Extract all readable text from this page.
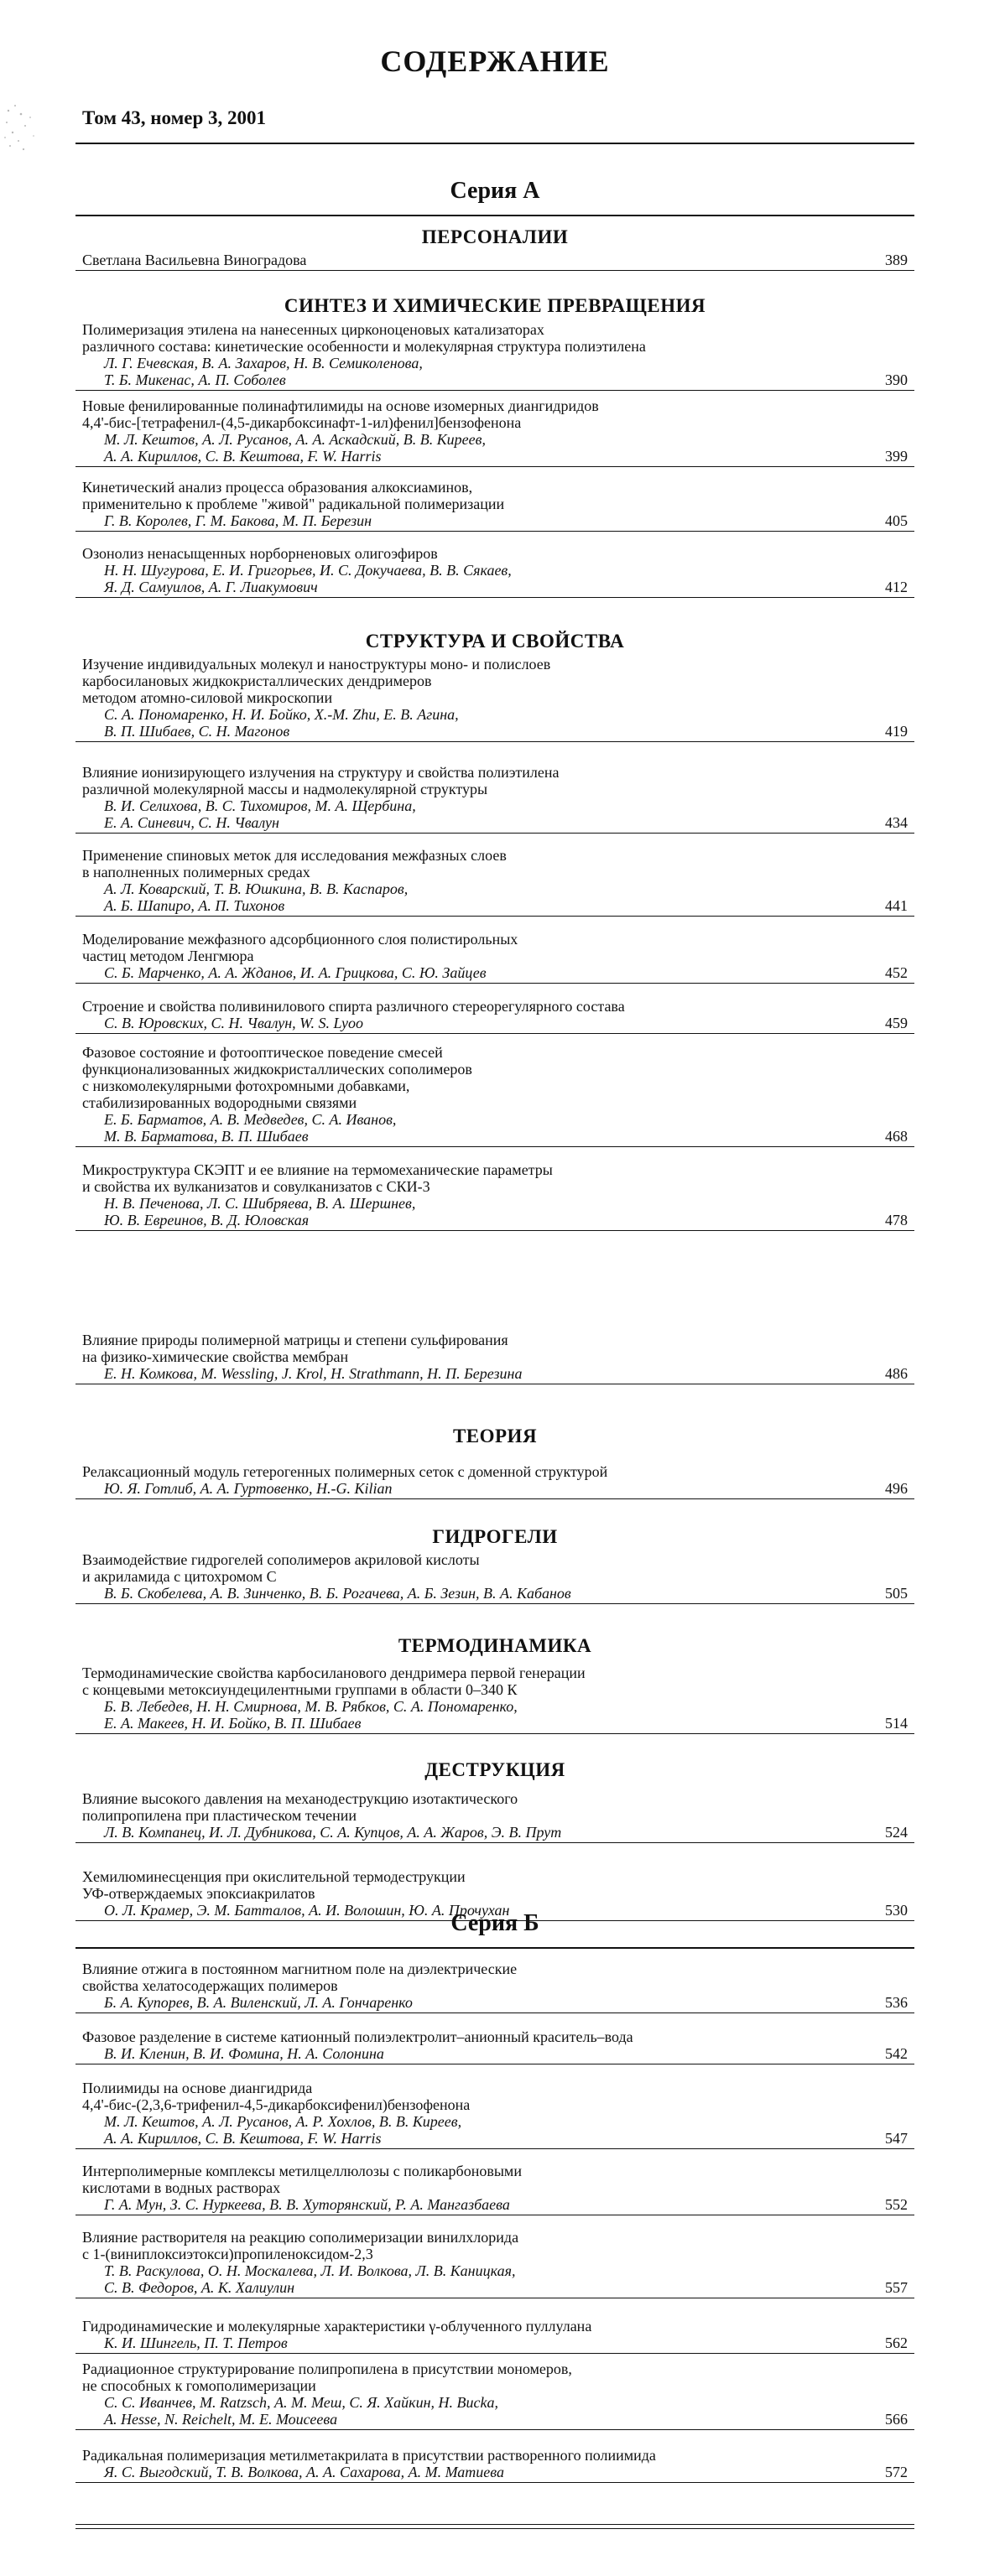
СОДЕРЖАНИЕ

Том 43, номер 3, 2001

Серия А
ПЕРСОНАЛИИ
Светлана Васильевна Виноградова	389
СИНТЕЗ И ХИМИЧЕСКИЕ ПРЕВРАЩЕНИЯ
Полимеризация этилена на нанесенных цирконоценовых катализаторах
различного состава: кинетические особенности и молекулярная структура полиэтилена
Л. Г. Ечевская, В. А. Захаров, Н. В. Семиколенова,
Т. Б. Микенас, А. П. Соболев	390
Новые фенилированные полинафтилимиды на основе изомерных диангидридов
4,4'-бис-[тетрафенил-(4,5-дикарбоксинафт-1-ил)фенил]бензофенона
М. Л. Кештов, А. Л. Русанов, А. А. Аскадский, В. В. Киреев,
А. А. Кириллов, С. В. Кештова, F. W. Harris	399
Кинетический анализ процесса образования алкоксиаминов,
применительно к проблеме "живой" радикальной полимеризации
Г. В. Королев, Г. М. Бакова, М. П. Березин	405
Озонолиз ненасыщенных норборненовых олигоэфиров
Н. Н. Шугурова, Е. И. Григорьев, И. С. Докучаева, В. В. Сякаев,
Я. Д. Самуилов, А. Г. Лиакумович	412
СТРУКТУРА И СВОЙСТВА
Изучение индивидуальных молекул и наноструктуры моно- и полислоев
карбосилановых жидкокристаллических дендримеров
методом атомно-силовой микроскопии
С. А. Пономаренко, Н. И. Бойко, X.-M. Zhu, Е. В. Агина,
В. П. Шибаев, С. Н. Магонов	419
Влияние ионизирующего излучения на структуру и свойства полиэтилена
различной молекулярной массы и надмолекулярной структуры
В. И. Селихова, В. С. Тихомиров, М. А. Щербина,
Е. А. Синевич, С. Н. Чвалун	434
Применение спиновых меток для исследования межфазных слоев
в наполненных полимерных средах
А. Л. Коварский, Т. В. Юшкина, В. В. Каспаров,
А. Б. Шапиро, А. П. Тихонов	441
Моделирование межфазного адсорбционного слоя полистирольных
частиц методом Ленгмюра
С. Б. Марченко, А. А. Жданов, И. А. Грицкова, С. Ю. Зайцев	452
Строение и свойства поливинилового спирта различного стереорегулярного состава
С. В. Юровских, С. Н. Чвалун, W. S. Lyoo	459
Фазовое состояние и фотооптическое поведение смесей
функционализованных жидкокристаллических сополимеров
с низкомолекулярными фотохромными добавками,
стабилизированных водородными связями
Е. Б. Барматов, А. В. Медведев, С. А. Иванов,
М. В. Барматова, В. П. Шибаев	468
Микроструктура СКЭПТ и ее влияние на термомеханические параметры
и свойства их вулканизатов и совулканизатов с СКИ-3
Н. В. Печенова, Л. С. Шибряева, В. А. Шершнев,
Ю. В. Евреинов, В. Д. Юловская	478
Влияние природы полимерной матрицы и степени сульфирования
на физико-химические свойства мембран
Е. Н. Комкова, M. Wessling, J. Krol, H. Strathmann, Н. П. Березина	486
ТЕОРИЯ
Релаксационный модуль гетерогенных полимерных сеток с доменной структурой
Ю. Я. Готлиб, А. А. Гуртовенко, H.-G. Kilian	496
ГИДРОГЕЛИ
Взаимодействие гидрогелей сополимеров акриловой кислоты
и акриламида с цитохромом С
В. Б. Скобелева, А. В. Зинченко, В. Б. Рогачева, А. Б. Зезин, В. А. Кабанов	505
ТЕРМОДИНАМИКА
Термодинамические свойства карбосиланового дендримера первой генерации
с концевыми метоксиундецилентными группами в области 0–340 К
Б. В. Лебедев, Н. Н. Смирнова, М. В. Рябков, С. А. Пономаренко,
Е. А. Макеев, Н. И. Бойко, В. П. Шибаев	514
ДЕСТРУКЦИЯ
Влияние высокого давления на механодеструкцию изотактического
полипропилена при пластическом течении
Л. В. Компанец, И. Л. Дубникова, С. А. Купцов, А. А. Жаров, Э. В. Прут	524
Хемилюминесценция при окислительной термодеструкции
УФ-отверждаемых эпоксиакрилатов
О. Л. Крамер, Э. М. Батталов, А. И. Волошин, Ю. А. Прочухан	530
Серия Б
Влияние отжига в постоянном магнитном поле на диэлектрические
свойства хелатосодержащих полимеров
Б. А. Купорев, В. А. Виленский, Л. А. Гончаренко	536
Фазовое разделение в системе катионный полиэлектролит–анионный краситель–вода
В. И. Кленин, В. И. Фомина, Н. А. Солонина	542
Полиимиды на основе диангидрида
4,4'-бис-(2,3,6-трифенил-4,5-дикарбоксифенил)бензофенона
М. Л. Кештов, А. Л. Русанов, А. Р. Хохлов, В. В. Киреев,
А. А. Кириллов, С. В. Кештова, F. W. Harris	547
Интерполимерные комплексы метилцеллюлозы с поликарбоновыми
кислотами в водных растворах
Г. А. Мун, З. С. Нуркеева, В. В. Хуторянский, Р. А. Мангазбаева	552
Влияние растворителя на реакцию сополимеризации винилхлорида
с 1-(виниплоксиэтокси)пропиленоксидом-2,3
Т. В. Раскулова, О. Н. Москалева, Л. И. Волкова, Л. В. Каницкая,
С. В. Федоров, А. К. Халиулин	557
Гидродинамические и молекулярные характеристики γ-облученного пуллулана
К. И. Шингель, П. Т. Петров	562
Радиационное структурирование полипропилена в присутствии мономеров,
не способных к гомополимеризации
С. С. Иванчев, M. Ratzsch, А. М. Меш, С. Я. Хайкин, H. Bucka,
A. Hesse, N. Reichelt, М. Е. Моисеева	566
Радикальная полимеризация метилметакрилата в присутствии растворенного полиимида
Я. С. Выгодский, Т. В. Волкова, А. А. Сахарова, А. М. Матиева	572
